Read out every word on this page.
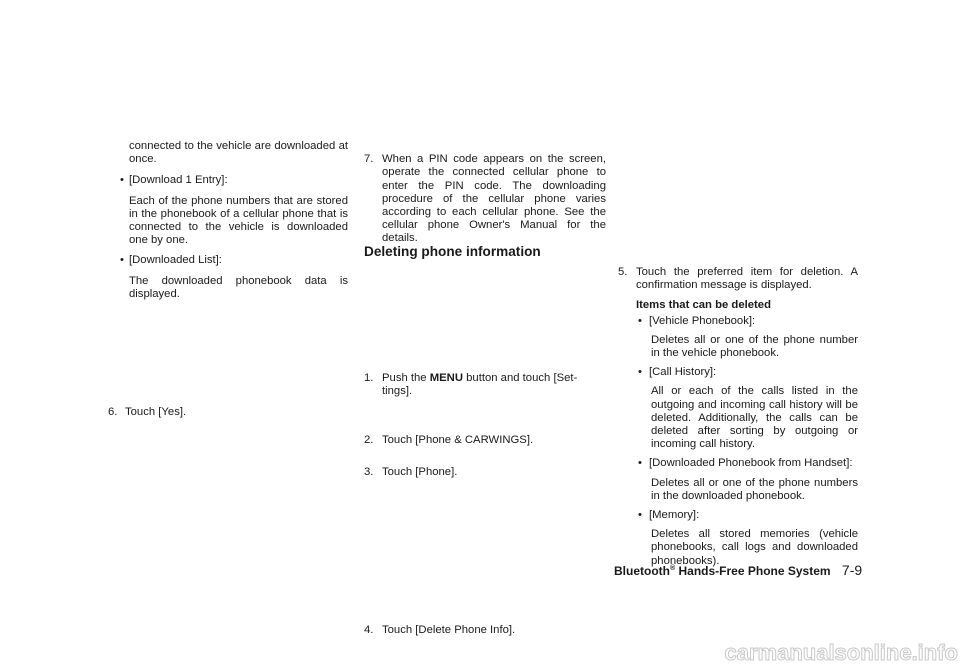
connected to the vehicle are downloaded at once.

• [Download 1 Entry]:

Each of the phone numbers that are stored in the phonebook of a cellular phone that is connected to the vehicle is downloaded one by one.

• [Downloaded List]:

The downloaded phonebook data is displayed.

6. Touch [Yes].

7. When a PIN code appears on the screen, operate the connected cellular phone to enter the PIN code. The downloading procedure of the cellular phone varies according to each cellular phone. See the cellular phone Owner's Manual for the details.

Deleting phone information
1. Push the MENU button and touch [Set-tings].

2. Touch [Phone & CARWINGS].

3. Touch [Phone].

4. Touch [Delete Phone Info].

5. Touch the preferred item for deletion. A confirmation message is displayed.

Items that can be deleted

• [Vehicle Phonebook]:

Deletes all or one of the phone number in the vehicle phonebook.

• [Call History]:

All or each of the calls listed in the outgoing and incoming call history will be deleted. Additionally, the calls can be deleted after sorting by outgoing or incoming call history.

• [Downloaded Phonebook from Handset]:

Deletes all or one of the phone numbers in the downloaded phonebook.

• [Memory]:

Deletes all stored memories (vehicle phonebooks, call logs and downloaded phonebooks).

Bluetooth® Hands-Free Phone System 7-9
carmanualsonline.info
